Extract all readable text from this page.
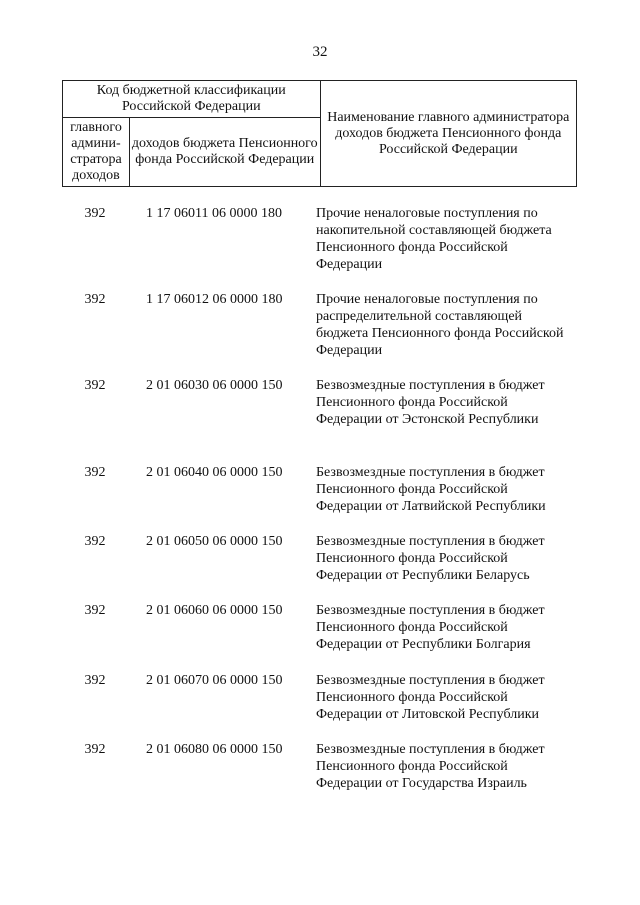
32
Код бюджетной классификации Российской Федерации		Наименование главного администратора доходов бюджета Пенсионного фонда Российской Федерации
главного админи-стратора доходов	доходов бюджета Пенсионного фонда Российской Федерации	
392	1 17 06011 06 0000 180	Прочие неналоговые поступления по накопительной составляющей бюджета Пенсионного фонда Российской Федерации
392	1 17 06012 06 0000 180	Прочие неналоговые поступления по распределительной составляющей бюджета Пенсионного фонда Российской Федерации
392	2 01 06030 06 0000 150	Безвозмездные поступления в бюджет Пенсионного фонда Российской Федерации от Эстонской Республики
392	2 01 06040 06 0000 150	Безвозмездные поступления в бюджет Пенсионного фонда Российской Федерации от Латвийской Республики
392	2 01 06050 06 0000 150	Безвозмездные поступления в бюджет Пенсионного фонда Российской Федерации от Республики Беларусь
392	2 01 06060 06 0000 150	Безвозмездные поступления в бюджет Пенсионного фонда Российской Федерации от Республики Болгария
392	2 01 06070 06 0000 150	Безвозмездные поступления в бюджет Пенсионного фонда Российской Федерации от Литовской Республики
392	2 01 06080 06 0000 150	Безвозмездные поступления в бюджет Пенсионного фонда Российской Федерации от Государства Израиль
